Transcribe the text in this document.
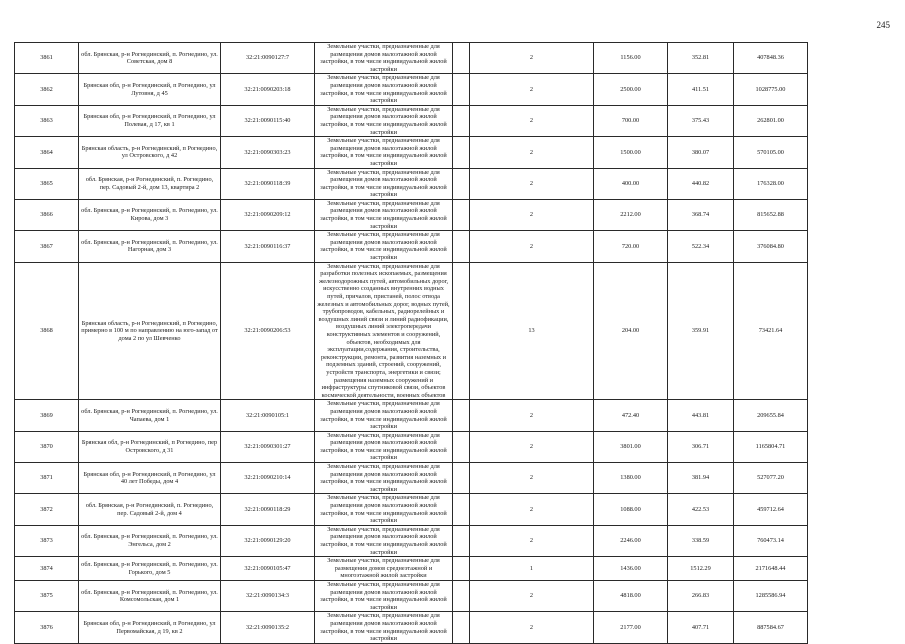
245
3861	обл. Брянская, р-н Рогнединский, п. Рогнедино, ул. Советская, дом 8	32:21:0090127:7	Земельные участки, предназначенные для размещения домов малоэтажной жилой застройки, в том числе индивидуальной жилой застройки		2	1156.00	352.81	407848.36
3862	Брянская обл, р-н Рогнединский, п Рогнедино, ул Лутовня, д 45	32:21:0090203:18	Земельные участки, предназначенные для размещения домов малоэтажной жилой застройки, в том числе индивидуальной жилой застройки		2	2500.00	411.51	1028775.00
3863	Брянская обл, р-н Рогнединский, п Рогнедино, ул Полевая, д 17, кв 1	32:21:0090115:40	Земельные участки, предназначенные для размещения домов малоэтажной жилой застройки, в том числе индивидуальной жилой застройки		2	700.00	375.43	262801.00
3864	Брянская область, р-н Рогнединский, п Рогнедино, ул Островского, д 42	32:21:0090303:23	Земельные участки, предназначенные для размещения домов малоэтажной жилой застройки, в том числе индивидуальной жилой застройки		2	1500.00	380.07	570105.00
3865	обл. Брянская, р-н Рогнединский, п. Рогнедино, пер. Садовый 2-й, дом 13, квартира 2	32:21:0090118:39	Земельные участки, предназначенные для размещения домов малоэтажной жилой застройки, в том числе индивидуальной жилой застройки		2	400.00	440.82	176328.00
3866	обл. Брянская, р-н Рогнединский, п. Рогнедино, ул. Кирова, дом 3	32:21:0090209:12	Земельные участки, предназначенные для размещения домов малоэтажной жилой застройки, в том числе индивидуальной жилой застройки		2	2212.00	368.74	815652.88
3867	обл. Брянская, р-н Рогнединский, п. Рогнедино, ул. Нагорная, дом 3	32:21:0090116:37	Земельные участки, предназначенные для размещения домов малоэтажной жилой застройки, в том числе индивидуальной жилой застройки		2	720.00	522.34	376084.80
3868	Брянская область, р-н Рогнединский, п Рогнедино, примерно в 100 м по направлению на юго-запад от дома 2 по ул Шевченко	32:21:0090206:53	Земельные участки, предназначенные для разработки полезных ископаемых, размещения железнодорожных путей, автомобильных дорог, искусственно созданных внутренних водных путей, причалов, пристаней, полос отвода железных и автомобильных дорог, водных путей, трубопроводов, кабельных, радиорелейных и воздушных линий связи и линий радиофикации, воздушных линий электропередачи конструктивных элементов и сооружений, объектов, необходимых для эксплуатации,содержания, строительства, реконструкции, ремонта, развития наземных и подземных зданий, строений, сооружений, устройств транспорта, энергетики и связи; размещения наземных сооружений и инфраструктуры спутниковой связи, объектов космической деятельности, военных объектов		13	204.00	359.91	73421.64
3869	обл. Брянская, р-н Рогнединский, п. Рогнедино, ул. Чапаева, дом 1	32:21:0090105:1	Земельные участки, предназначенные для размещения домов малоэтажной жилой застройки, в том числе индивидуальной жилой застройки		2	472.40	443.81	209655.84
3870	Брянская обл, р-н Рогнединский, п Рогнедино, пер Островского, д 31	32:21:0090301:27	Земельные участки, предназначенные для размещения домов малоэтажной жилой застройки, в том числе индивидуальной жилой застройки		2	3801.00	306.71	1165804.71
3871	Брянская обл, р-н Рогнединский, п Рогнедино, ул 40 лет Победы, дом 4	32:21:0090210:14	Земельные участки, предназначенные для размещения домов малоэтажной жилой застройки, в том числе индивидуальной жилой застройки		2	1380.00	381.94	527077.20
3872	обл. Брянская, р-н Рогнединский, п. Рогнедино, пер. Садовый 2-й, дом 4	32:21:0090118:29	Земельные участки, предназначенные для размещения домов малоэтажной жилой застройки, в том числе индивидуальной жилой застройки		2	1088.00	422.53	459712.64
3873	обл. Брянская, р-н Рогнединский, п. Рогнедино, ул. Энгельса, дом 2	32:21:0090129:20	Земельные участки, предназначенные для размещения домов малоэтажной жилой застройки, в том числе индивидуальной жилой застройки		2	2246.00	338.59	760473.14
3874	обл. Брянская, р-н Рогнединский, п. Рогнедино, ул. Горького, дом 5	32:21:0090105:47	Земельные участки, предназначенные для размещения домов среднеэтажной и многоэтажной жилой застройки		1	1436.00	1512.29	2171648.44
3875	обл. Брянская, р-н Рогнединский, п. Рогнедино, ул. Комсомольская, дом 1	32:21:0090134:3	Земельные участки, предназначенные для размещения домов малоэтажной жилой застройки, в том числе индивидуальной жилой застройки		2	4818.00	266.83	1285586.94
3876	Брянская обл, р-н Рогнединский, п Рогнедино, ул Первомайская, д 19, кв 2	32:21:0090135:2	Земельные участки, предназначенные для размещения домов малоэтажной жилой застройки, в том числе индивидуальной жилой застройки		2	2177.00	407.71	887584.67
